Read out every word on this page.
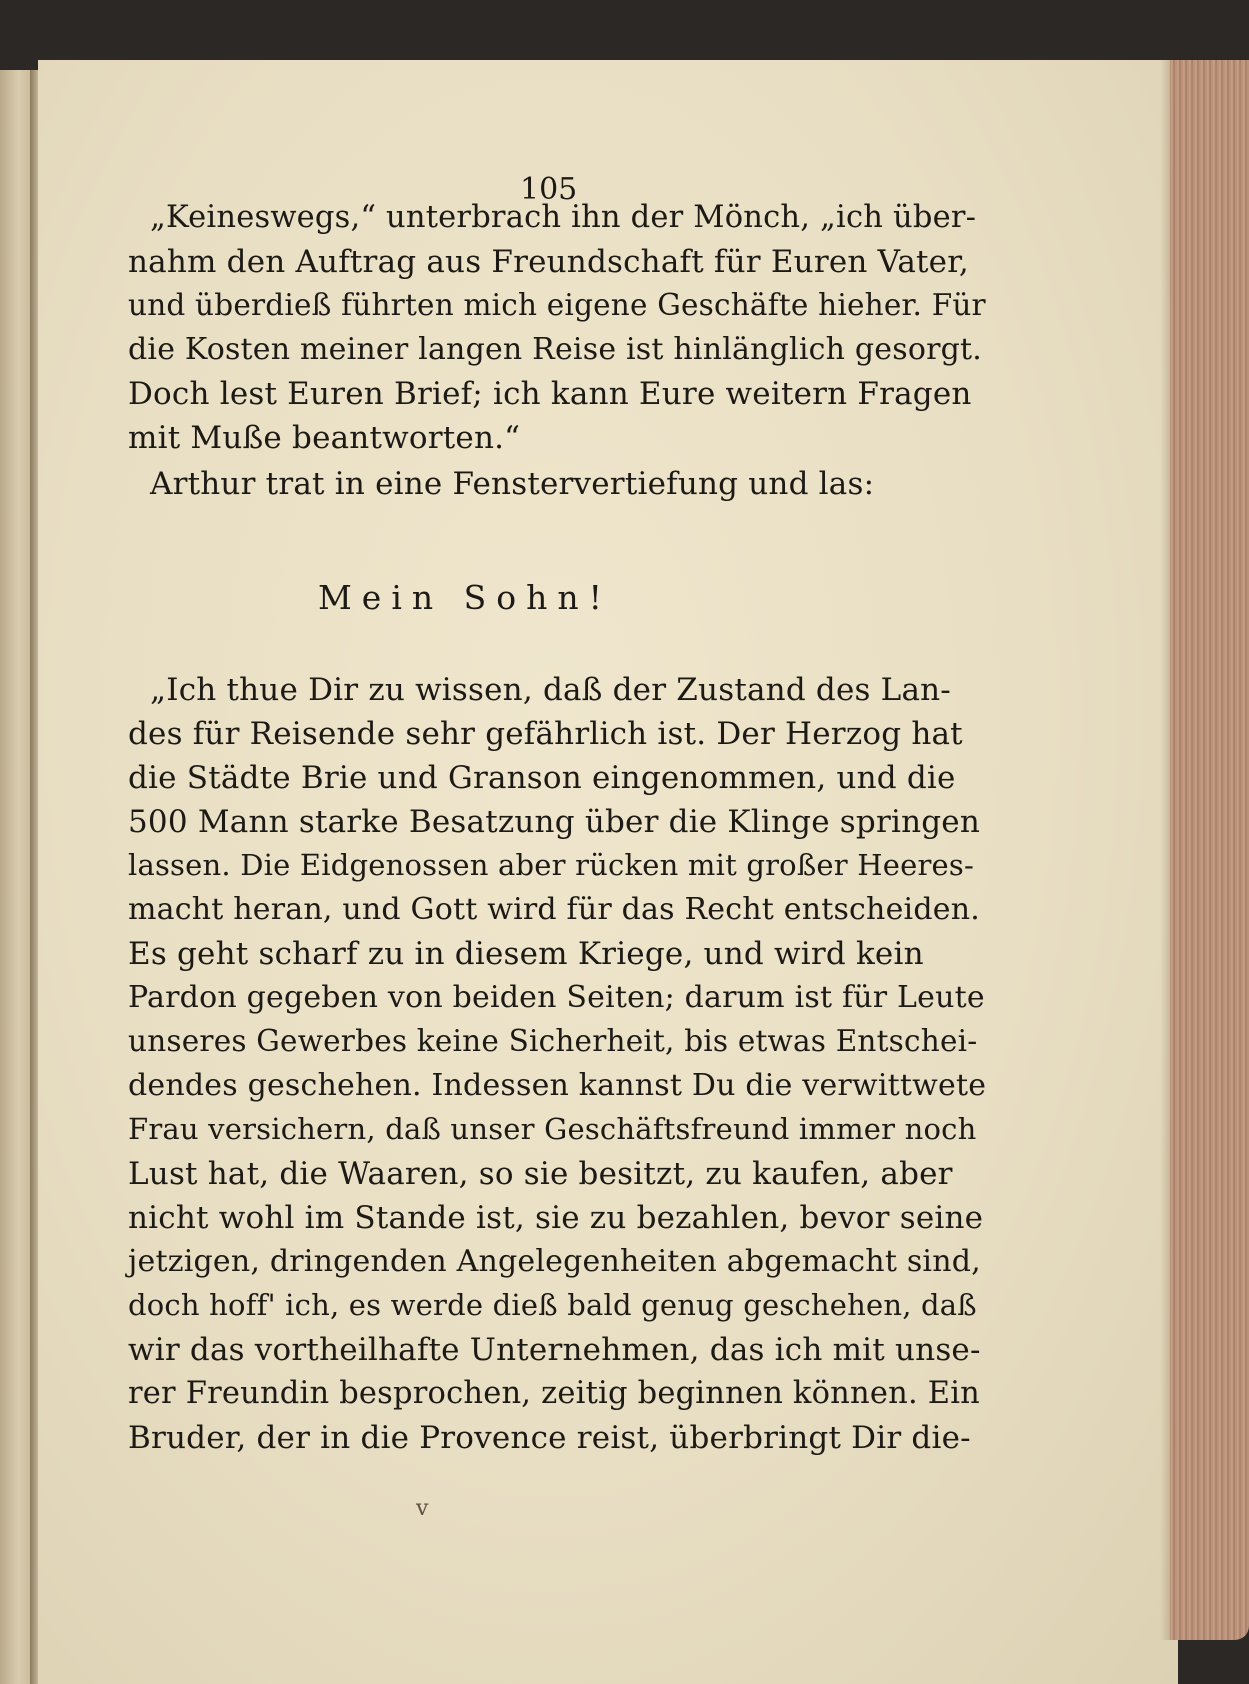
105
„Keineswegs,“ unterbrach ihn der Mönch, „ich über-
nahm den Auftrag aus Freundschaft für Euren Vater,
und überdieß führten mich eigene Geschäfte hieher. Für
die Kosten meiner langen Reise ist hinlänglich gesorgt.
Doch lest Euren Brief; ich kann Eure weitern Fragen
mit Muße beantworten.“
Arthur trat in eine Fenstervertiefung und las:
Mein Sohn!
„Ich thue Dir zu wissen, daß der Zustand des Lan-
des für Reisende sehr gefährlich ist. Der Herzog hat
die Städte Brie und Granson eingenommen, und die
500 Mann starke Besatzung über die Klinge springen
lassen. Die Eidgenossen aber rücken mit großer Heeres-
macht heran, und Gott wird für das Recht entscheiden.
Es geht scharf zu in diesem Kriege, und wird kein
Pardon gegeben von beiden Seiten; darum ist für Leute
unseres Gewerbes keine Sicherheit, bis etwas Entschei-
dendes geschehen. Indessen kannst Du die verwittwete
Frau versichern, daß unser Geschäftsfreund immer noch
Lust hat, die Waaren, so sie besitzt, zu kaufen, aber
nicht wohl im Stande ist, sie zu bezahlen, bevor seine
jetzigen, dringenden Angelegenheiten abgemacht sind,
doch hoff' ich, es werde dieß bald genug geschehen, daß
wir das vortheilhafte Unternehmen, das ich mit unse-
rer Freundin besprochen, zeitig beginnen können. Ein
Bruder, der in die Provence reist, überbringt Dir die-
v
